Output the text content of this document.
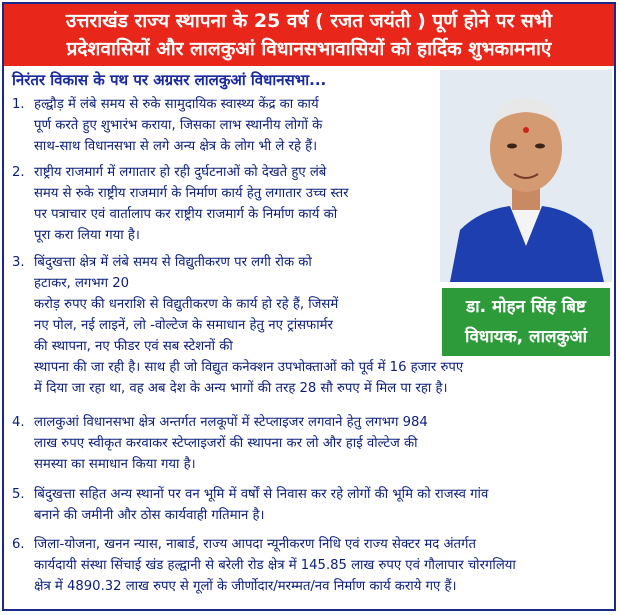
उत्तराखंड राज्य स्थापना के 25 वर्ष ( रजत जयंती ) पूर्ण होने पर सभी
प्रदेशवासियों और लालकुआं विधानसभावासियों को हार्दिक शुभकामनाएं
निरंतर विकास के पथ पर अग्रसर लालकुआं विधानसभा...
डा. मोहन सिंह बिष्ट
विधायक, लालकुआं
1. हल्द्वौड़ में लंबे समय से रुके सामुदायिक स्वास्थ्य केंद्र का कार्य
पूर्ण करते हुए शुभारंभ कराया, जिसका लाभ स्थानीय लोगों के
साथ-साथ विधानसभा से लगे अन्य क्षेत्र के लोग भी ले रहे हैं।
2. राष्ट्रीय राजमार्ग में लगातार हो रही दुर्घटनाओं को देखते हुए लंबे
समय से रुके राष्ट्रीय राजमार्ग के निर्माण कार्य हेतु लगातार उच्च स्तर
पर पत्राचार एवं वार्तालाप कर राष्ट्रीय राजमार्ग के निर्माण कार्य को
पूरा करा लिया गया है।
3. बिंदुखत्ता क्षेत्र में लंबे समय से विद्युतीकरण पर लगी रोक को
हटाकर, लगभग 20
करोड़ रुपए की धनराशि से विद्युतीकरण के कार्य हो रहे हैं, जिसमें
नए पोल, नई लाइनें, लो -वोल्टेज के समाधान हेतु नए ट्रांसफार्मर
की स्थापना, नए फीडर एवं सब स्टेशनों की
स्थापना की जा रही है। साथ ही जो विद्युत कनेक्शन उपभोक्ताओं को पूर्व में 16 हजार रुपए
में दिया जा रहा था, वह अब देश के अन्य भागों की तरह 28 सौ रुपए में मिल पा रहा है।
4. लालकुआं विधानसभा क्षेत्र अन्तर्गत नलकूपों में स्टेप्लाइजर लगवाने हेतु लगभग 984
लाख रुपए स्वीकृत करवाकर स्टेप्लाइजरों की स्थापना कर लो और हाई वोल्टेज की
समस्या का समाधान किया गया है।
5. बिंदुखत्ता सहित अन्य स्थानों पर वन भूमि में वर्षों से निवास कर रहे लोगों की भूमि को राजस्व गांव
बनाने की जमीनी और ठोस कार्यवाही गतिमान है।
6. जिला-योजना, खनन न्यास, नाबार्ड, राज्य आपदा न्यूनीकरण निधि एवं राज्य सेक्टर मद अंतर्गत
कार्यदायी संस्था सिंचाई खंड हल्द्वानी से बरेली रोड क्षेत्र में 145.85 लाख रुपए एवं गौलापार चोरगलिया
क्षेत्र में 4890.32 लाख रुपए से गूलों के जीर्णोदार/मरम्मत/नव निर्माण कार्य कराये गए हैं।
